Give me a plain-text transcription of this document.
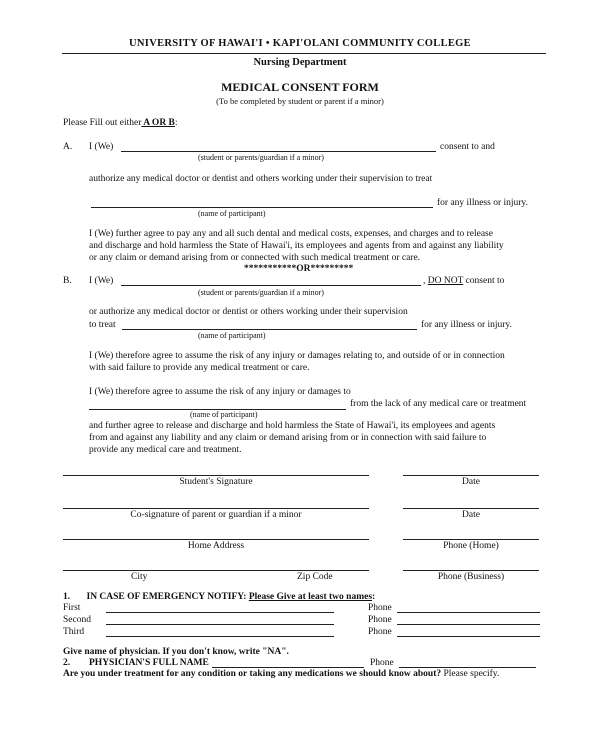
UNIVERSITY OF HAWAI'I • KAPI'OLANI COMMUNITY COLLEGE
Nursing Department
MEDICAL CONSENT FORM
(To be completed by student or parent if a minor)
Please Fill out either A OR B:
A. I (We)	consent to and
(student or parents/guardian if a minor)
authorize any medical doctor or dentist and others working under their supervision to treat
for any illness or injury.
(name of participant)
I (We) further agree to pay any and all such dental and medical costs, expenses, and charges and to release
and discharge and hold harmless the State of Hawai'i, its employees and agents from and against any liability
or any claim or demand arising from or connected with such medical treatment or care.
***********OR*********
B. I (We)	, DO NOT consent to
(student or parents/guardian if a minor)
or authorize any medical doctor or dentist or others working under their supervision
to treat	for any illness or injury.
(name of participant)
I (We) therefore agree to assume the risk of any injury or damages relating to, and outside of or in connection
with said failure to provide any medical treatment or care.
I (We) therefore agree to assume the risk of any injury or damages to
from the lack of any medical care or treatment
(name of participant)
and further agree to release and discharge and hold harmless the State of Hawai'i, its employees and agents
from and against any liability and any claim or demand arising from or in connection with said failure to
provide any medical care and treatment.
Student's Signature	Date
Co-signature of parent or guardian if a minor	Date
Home Address	Phone (Home)
City	Zip Code	Phone (Business)
1. IN CASE OF EMERGENCY NOTIFY: Please Give at least two names:
First	Phone
Second	Phone
Third	Phone
Give name of physician. If you don't know, write "NA".
2. PHYSICIAN'S FULL NAME	Phone
Are you under treatment for any condition or taking any medications we should know about? Please specify.
